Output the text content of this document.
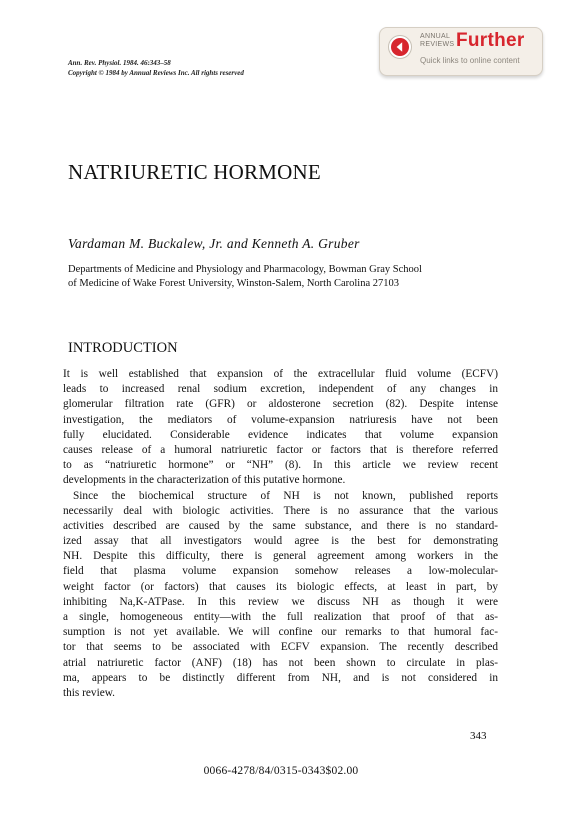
Ann. Rev. Physiol. 1984. 46:343–58
Copyright © 1984 by Annual Reviews Inc. All rights reserved
ANNUAL
REVIEWS Further
Quick links to online content
NATRIURETIC HORMONE
Vardaman M. Buckalew, Jr. and Kenneth A. Gruber
Departments of Medicine and Physiology and Pharmacology, Bowman Gray School
of Medicine of Wake Forest University, Winston-Salem, North Carolina 27103
INTRODUCTION
It is well established that expansion of the extracellular fluid volume (ECFV)
leads to increased renal sodium excretion, independent of any changes in
glomerular filtration rate (GFR) or aldosterone secretion (82). Despite intense
investigation, the mediators of volume-expansion natriuresis have not been
fully elucidated. Considerable evidence indicates that volume expansion
causes release of a humoral natriuretic factor or factors that is therefore referred
to as “natriuretic hormone” or “NH” (8). In this article we review recent
developments in the characterization of this putative hormone.
Since the biochemical structure of NH is not known, published reports
necessarily deal with biologic activities. There is no assurance that the various
activities described are caused by the same substance, and there is no standard-
ized assay that all investigators would agree is the best for demonstrating
NH. Despite this difficulty, there is general agreement among workers in the
field that plasma volume expansion somehow releases a low-molecular-
weight factor (or factors) that causes its biologic effects, at least in part, by
inhibiting Na,K-ATPase. In this review we discuss NH as though it were
a single, homogeneous entity—with the full realization that proof of that as-
sumption is not yet available. We will confine our remarks to that humoral fac-
tor that seems to be associated with ECFV expansion. The recently described
atrial natriuretic factor (ANF) (18) has not been shown to circulate in plas-
ma, appears to be distinctly different from NH, and is not considered in
this review.
343
0066-4278/84/0315-0343$02.00
